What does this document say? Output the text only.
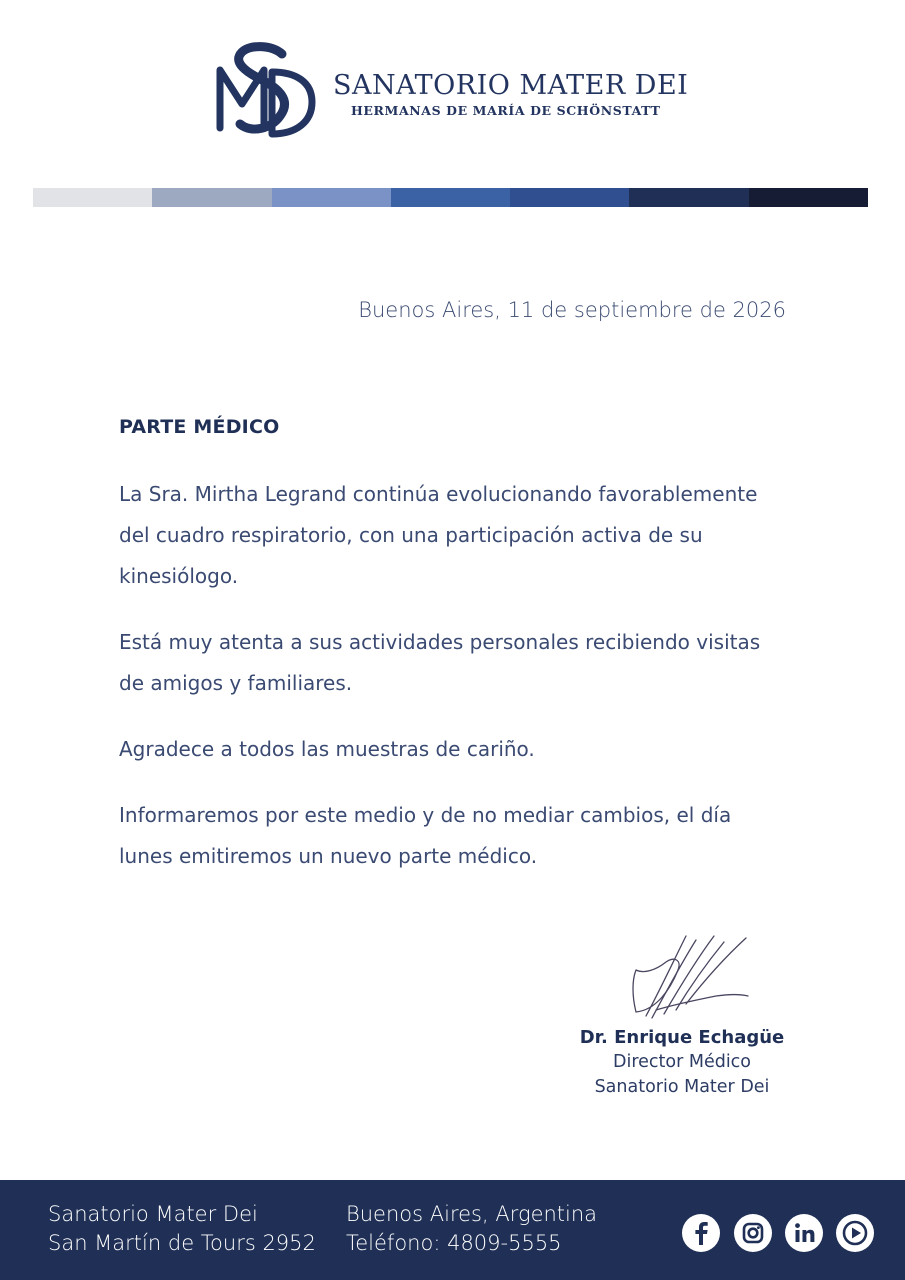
SANATORIO MATER DEI
HERMANAS DE MARÍA DE SCHÖNSTATT
Buenos Aires, 11 de septiembre de 2026
PARTE MÉDICO

La Sra. Mirtha Legrand continúa evolucionando favorablemente del cuadro respiratorio, con una participación activa de su kinesiólogo.

Está muy atenta a sus actividades personales recibiendo visitas de amigos y familiares.

Agradece a todos las muestras de cariño.

Informaremos por este medio y de no mediar cambios, el día lunes emitiremos un nuevo parte médico.

Dr. Enrique Echagüe
Director Médico
Sanatorio Mater Dei
Sanatorio Mater Dei
San Martín de Tours 2952
Buenos Aires, Argentina
Teléfono: 4809-5555
